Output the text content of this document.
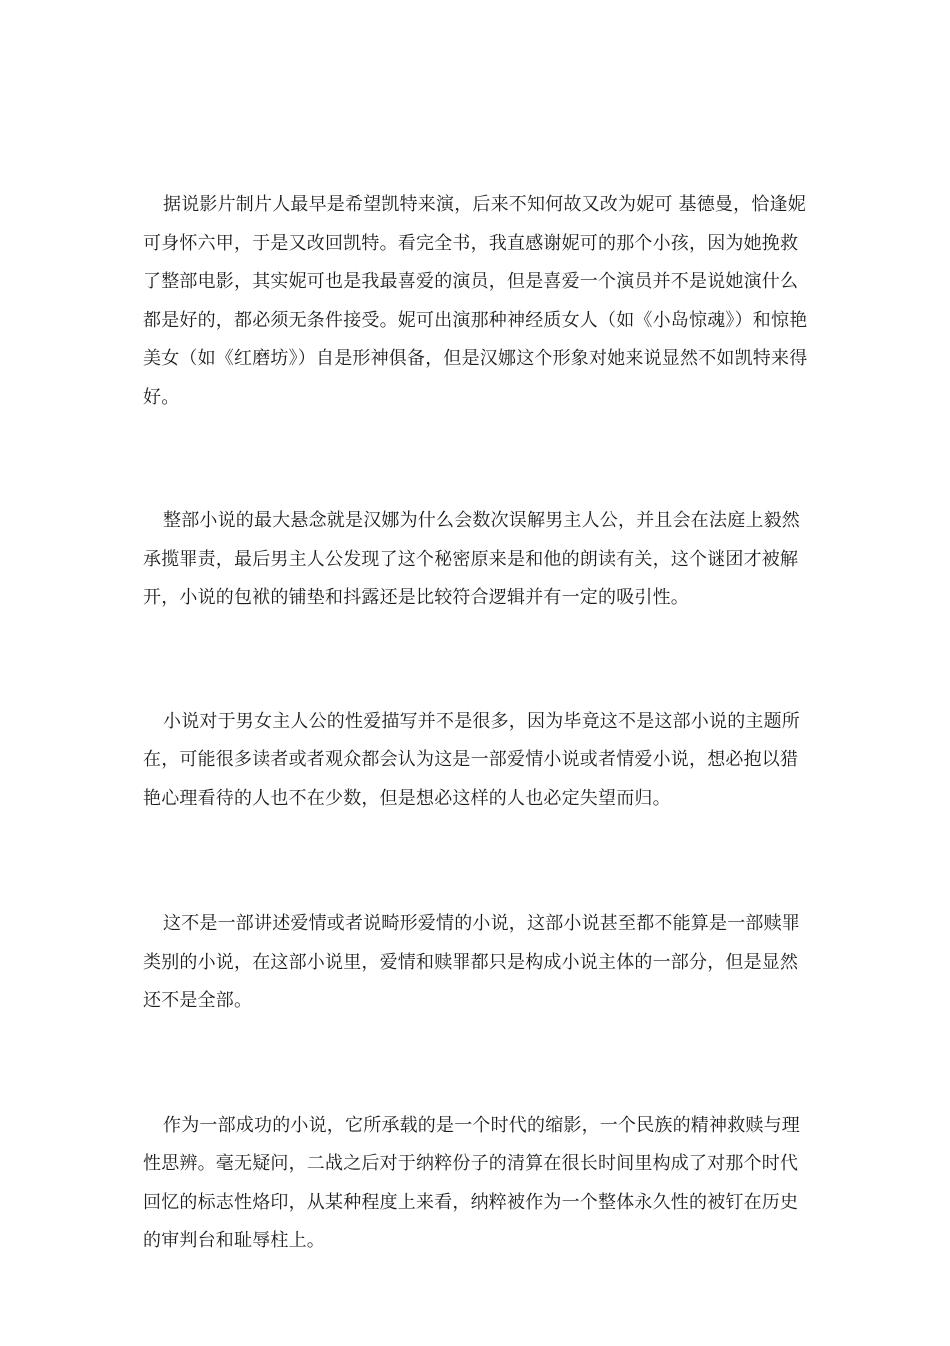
据说影片制片人最早是希望凯特来演，后来不知何故又改为妮可 基德曼，恰逢妮可身怀六甲，于是又改回凯特。看完全书，我直感谢妮可的那个小孩，因为她挽救了整部电影，其实妮可也是我最喜爱的演员，但是喜爱一个演员并不是说她演什么都是好的，都必须无条件接受。妮可出演那种神经质女人（如《小岛惊魂》）和惊艳美女（如《红磨坊》）自是形神俱备，但是汉娜这个形象对她来说显然不如凯特来得好。

整部小说的最大悬念就是汉娜为什么会数次误解男主人公，并且会在法庭上毅然承揽罪责，最后男主人公发现了这个秘密原来是和他的朗读有关，这个谜团才被解开，小说的包袱的铺垫和抖露还是比较符合逻辑并有一定的吸引性。

小说对于男女主人公的性爱描写并不是很多，因为毕竟这不是这部小说的主题所在，可能很多读者或者观众都会认为这是一部爱情小说或者情爱小说，想必抱以猎艳心理看待的人也不在少数，但是想必这样的人也必定失望而归。

这不是一部讲述爱情或者说畸形爱情的小说，这部小说甚至都不能算是一部赎罪类别的小说，在这部小说里，爱情和赎罪都只是构成小说主体的一部分，但是显然还不是全部。

作为一部成功的小说，它所承载的是一个时代的缩影，一个民族的精神救赎与理性思辨。毫无疑问，二战之后对于纳粹份子的清算在很长时间里构成了对那个时代回忆的标志性烙印，从某种程度上来看，纳粹被作为一个整体永久性的被钉在历史的审判台和耻辱柱上。
